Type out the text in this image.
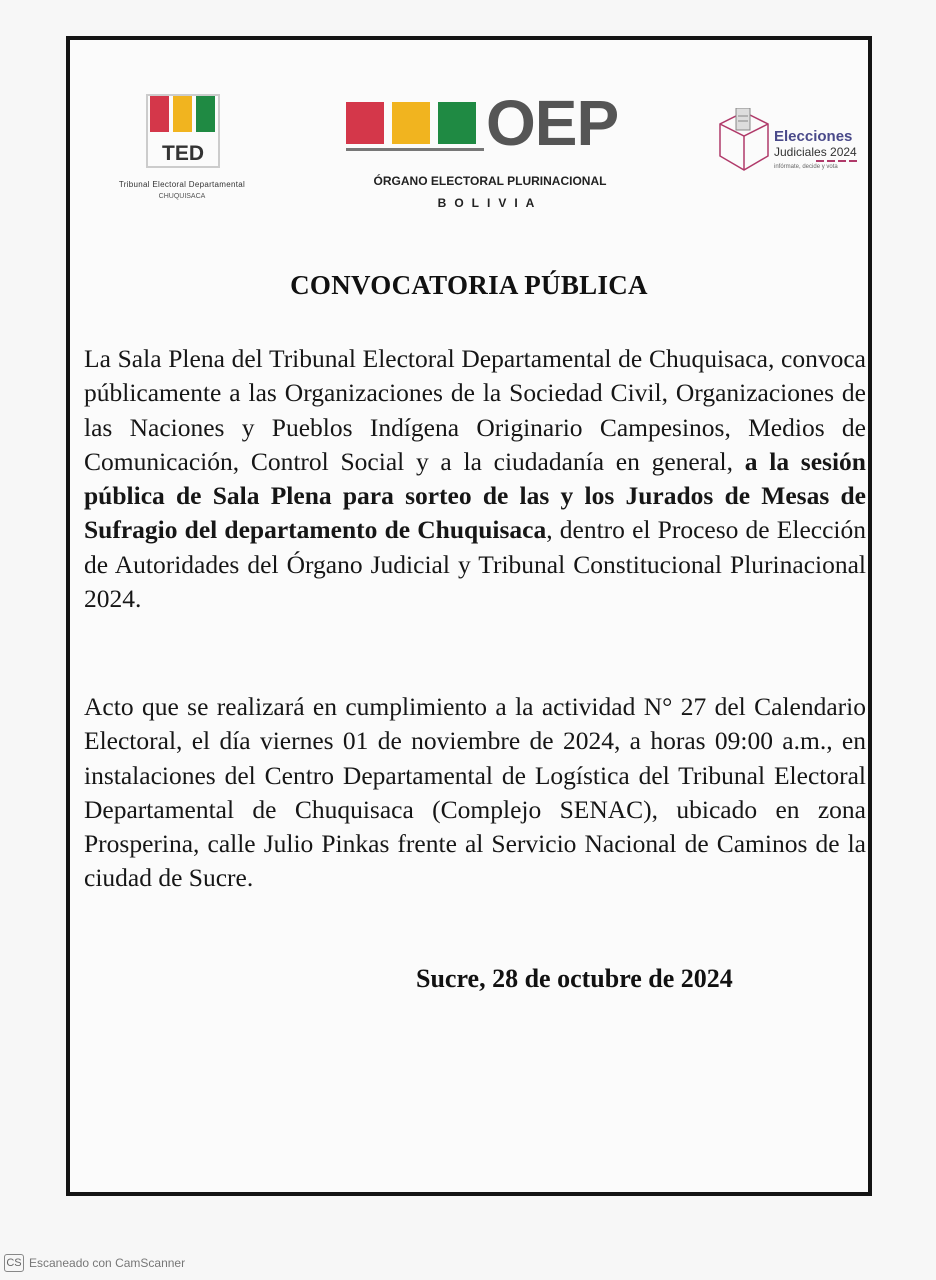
TED
Tribunal Electoral Departamental
CHUQUISACA
OEP
ÓRGANO ELECTORAL PLURINACIONAL
BOLIVIA
Elecciones
Judiciales 2024
infórmate, decide y vota
CONVOCATORIA PÚBLICA

La Sala Plena del Tribunal Electoral Departamental de Chuquisaca, convoca públicamente a las Organizaciones de la Sociedad Civil, Organizaciones de las Naciones y Pueblos Indígena Originario Campesinos, Medios de Comunicación, Control Social y a la ciudadanía en general, a la sesión pública de Sala Plena para sorteo de las y los Jurados de Mesas de Sufragio del departamento de Chuquisaca, dentro el Proceso de Elección de Autoridades del Órgano Judicial y Tribunal Constitucional Plurinacional 2024.

Acto que se realizará en cumplimiento a la actividad N° 27 del Calendario Electoral, el día viernes 01 de noviembre de 2024, a horas 09:00 a.m., en instalaciones del Centro Departamental de Logística del Tribunal Electoral Departamental de Chuquisaca (Complejo SENAC), ubicado en zona Prosperina, calle Julio Pinkas frente al Servicio Nacional de Caminos de la ciudad de Sucre.

Sucre, 28 de octubre de 2024
CS Escaneado con CamScanner
